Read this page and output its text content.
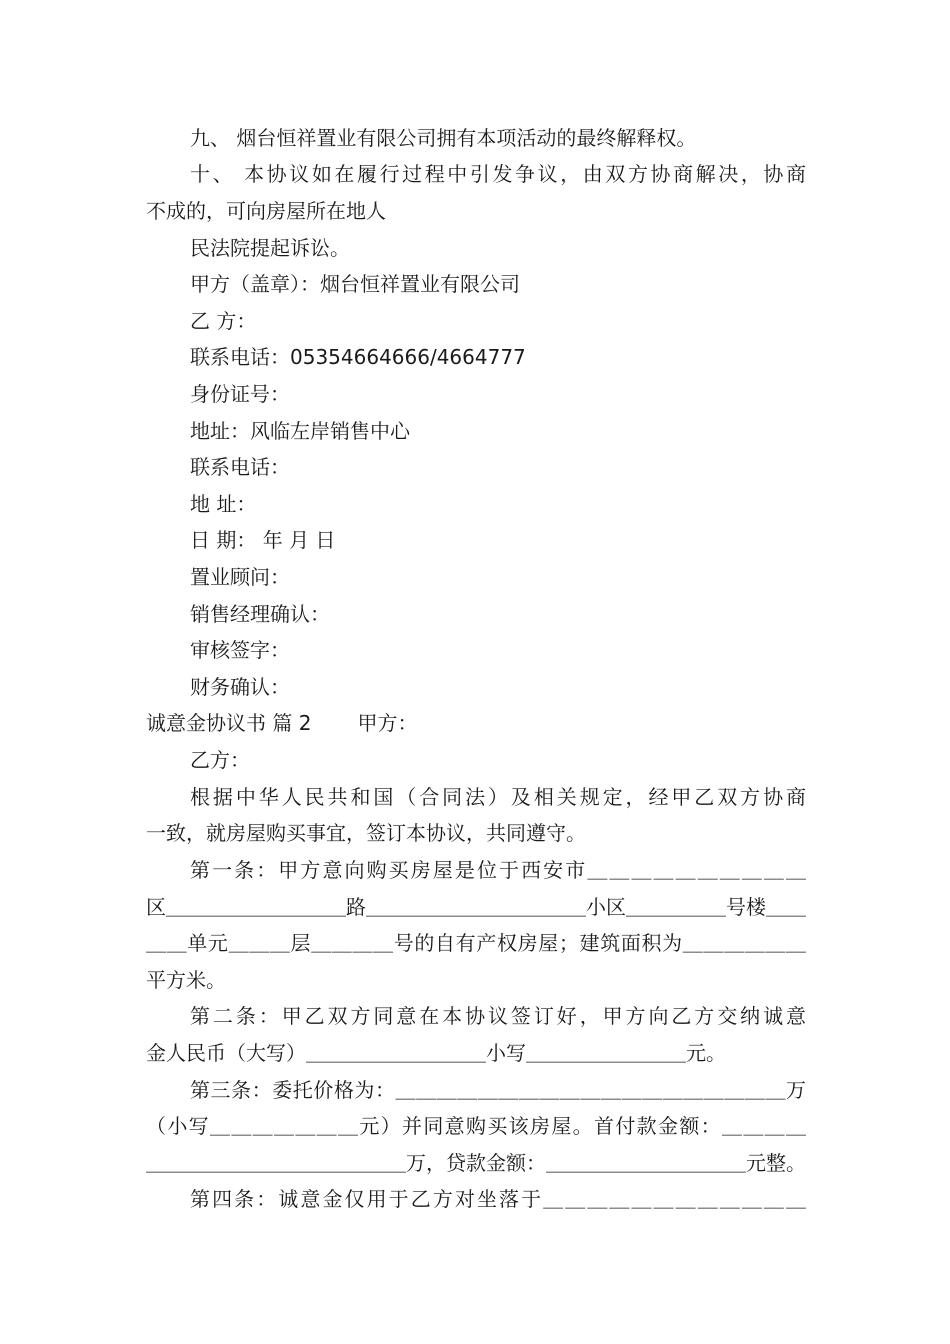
九、 烟台恒祥置业有限公司拥有本项活动的最终解释权。
十、 本协议如在履行过程中引发争议，由双方协商解决，协商
不成的，可向房屋所在地人
民法院提起诉讼。
甲方（盖章）：烟台恒祥置业有限公司
乙 方：
联系电话：05354664666/4664777
身份证号：
地址：风临左岸销售中心
联系电话：
地 址：
日 期： 年 月 日
置业顾问：
销售经理确认：
审核签字：
财务确认：
诚意金协议书 篇 2 甲方：
乙方：
根据中华人民共和国（合同法）及相关规定，经甲乙双方协商
一致，就房屋购买事宜，签订本协议，共同遵守。
第一条：甲方意向购买房屋是位于西安市＿＿＿＿＿＿＿＿＿＿
区＿＿＿＿＿＿＿＿＿路＿＿＿＿＿＿＿＿＿＿＿小区＿＿＿＿＿号楼＿＿
＿＿单元＿＿＿层＿＿＿＿号的自有产权房屋；建筑面积为＿＿＿＿＿＿
平方米。
第二条：甲乙双方同意在本协议签订好，甲方向乙方交纳诚意
金人民币（大写）＿＿＿＿＿＿＿＿＿小写＿＿＿＿＿＿＿＿元。
第三条：委托价格为：＿＿＿＿＿＿＿＿＿＿＿＿＿＿＿＿＿＿＿万
（小写＿＿＿＿＿＿＿元）并同意购买该房屋。首付款金额：＿＿＿＿
＿＿＿＿＿＿＿＿＿＿＿＿＿万，贷款金额：＿＿＿＿＿＿＿＿＿＿元整。
第四条：诚意金仅用于乙方对坐落于＿＿＿＿＿＿＿＿＿＿＿＿
